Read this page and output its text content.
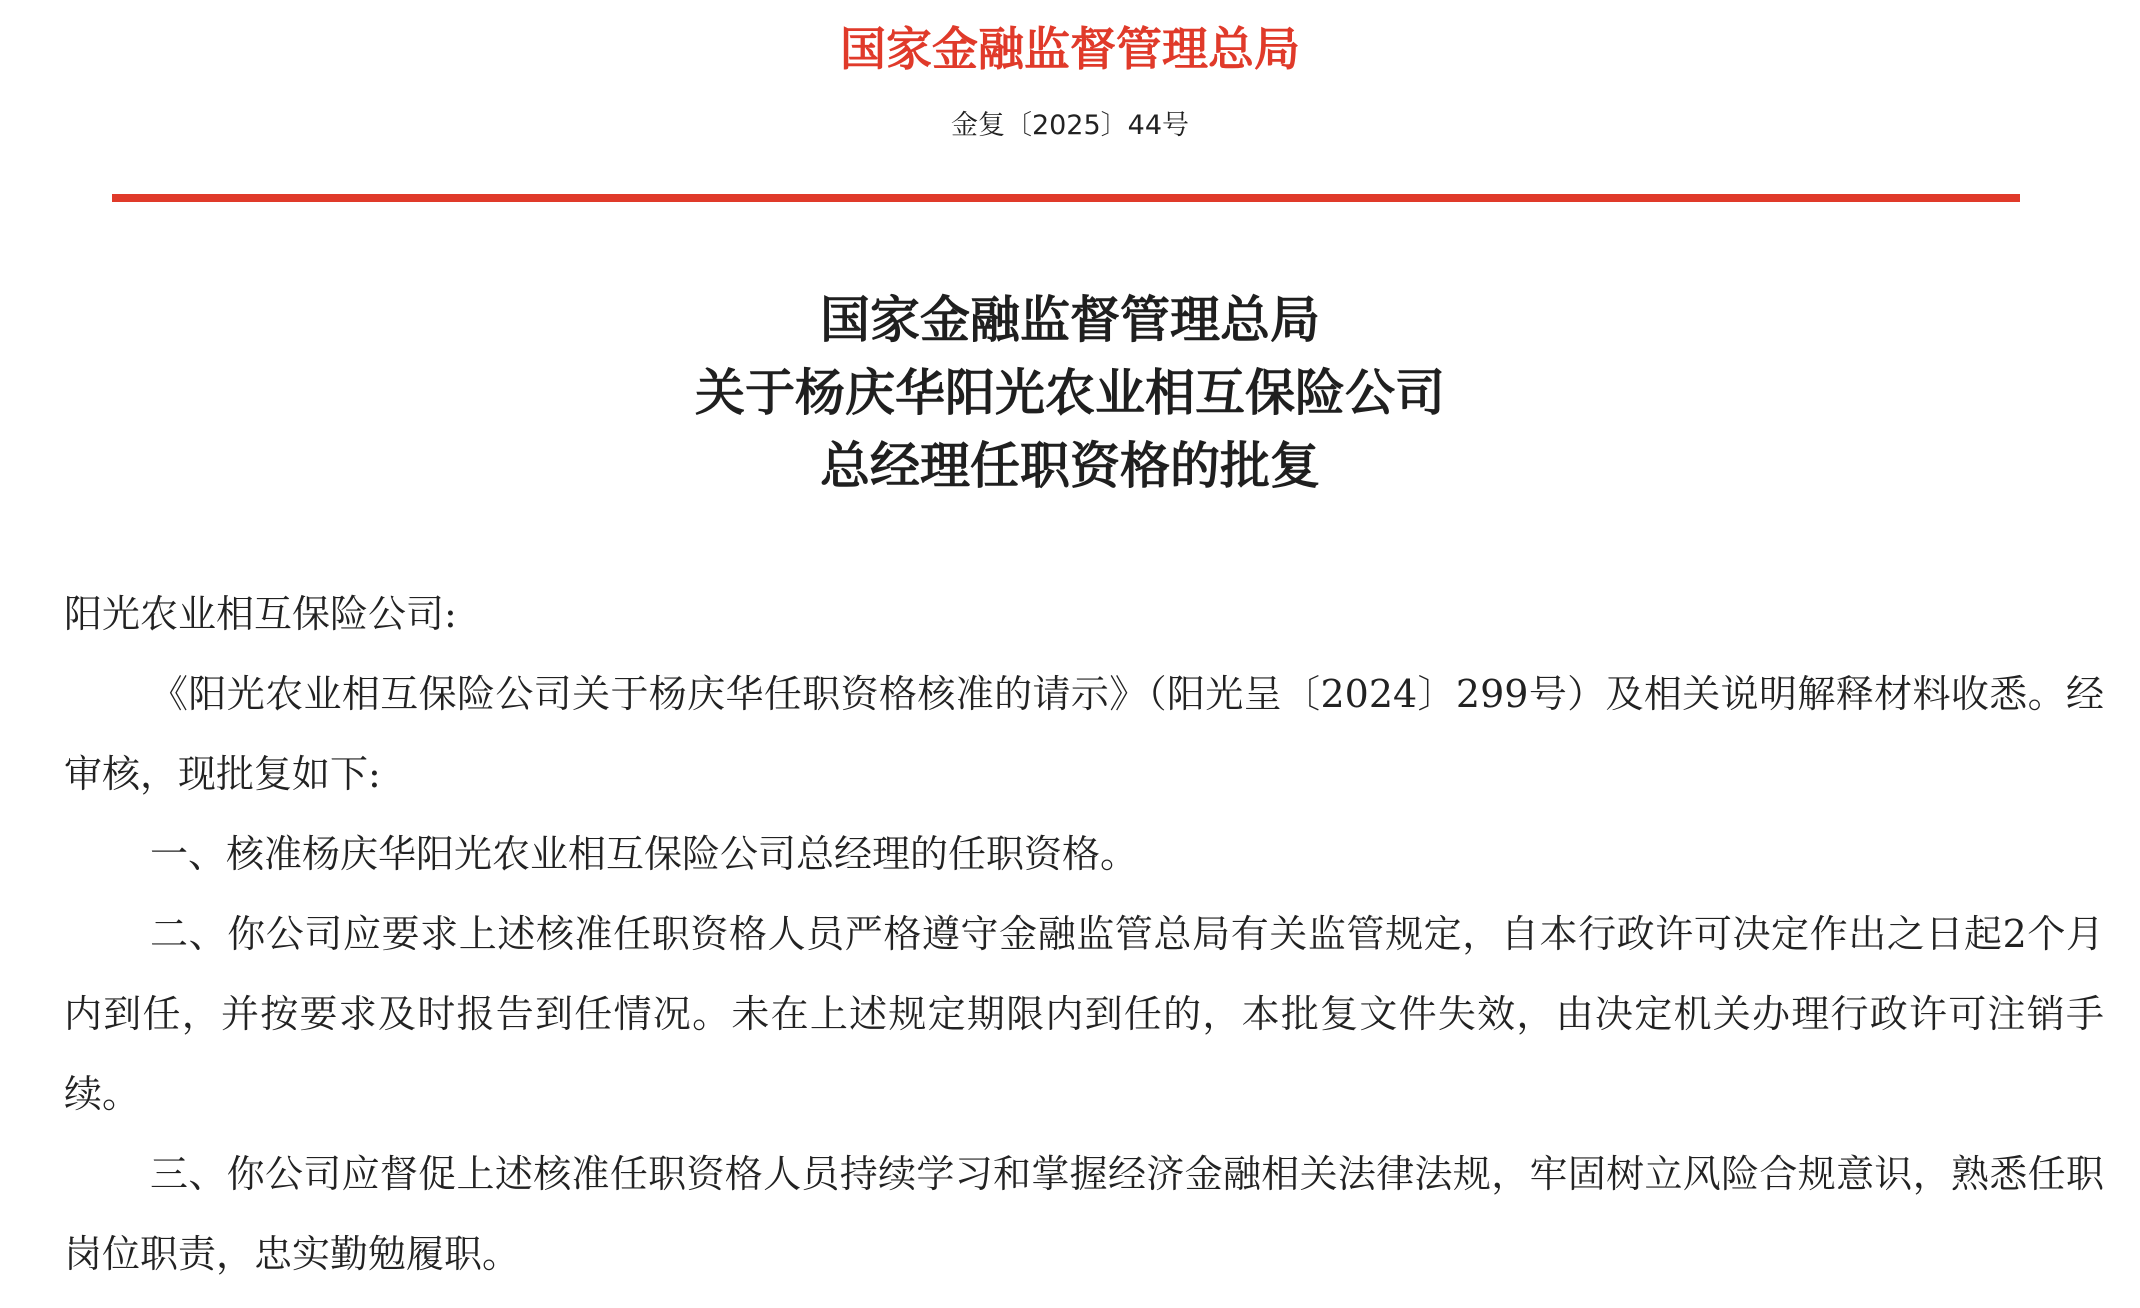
国家金融监督管理总局
金复〔2025〕44号
国家金融监督管理总局
关于杨庆华阳光农业相互保险公司
总经理任职资格的批复

阳光农业相互保险公司:

《阳光农业相互保险公司关于杨庆华任职资格核准的请示》（阳光呈〔2024〕299号）及相关说明解释材料收悉。经审核，现批复如下:

一、核准杨庆华阳光农业相互保险公司总经理的任职资格。

二、你公司应要求上述核准任职资格人员严格遵守金融监管总局有关监管规定，自本行政许可决定作出之日起2个月内到任，并按要求及时报告到任情况。未在上述规定期限内到任的，本批复文件失效，由决定机关办理行政许可注销手续。

三、你公司应督促上述核准任职资格人员持续学习和掌握经济金融相关法律法规，牢固树立风险合规意识，熟悉任职岗位职责，忠实勤勉履职。
